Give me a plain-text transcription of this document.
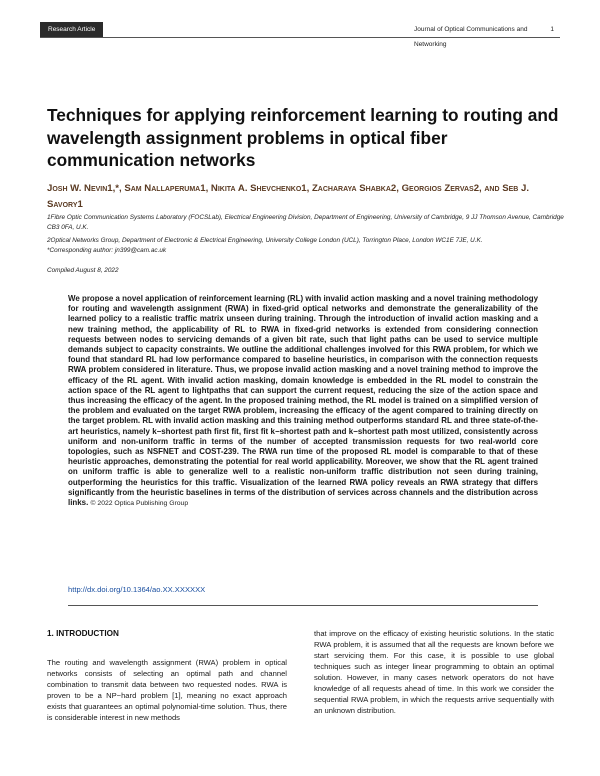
Research Article	Journal of Optical Communications and Networking
1
Techniques for applying reinforcement learning to routing and wavelength assignment problems in optical fiber communication networks
Josh W. Nevin1,*, Sam Nallaperuma1, Nikita A. Shevchenko1, Zacharaya Shabka2, Georgios Zervas2, and Seb J. Savory1
1Fibre Optic Communication Systems Laboratory (FOCSLab), Electrical Engineering Division, Department of Engineering, University of Cambridge, 9 JJ Thomson Avenue, Cambridge CB3 0FA, U.K.
2Optical Networks Group, Department of Electronic & Electrical Engineering, University College London (UCL), Torrington Place, London WC1E 7JE, U.K.
*Corresponding author: jn399@cam.ac.uk
Compiled August 8, 2022

We propose a novel application of reinforcement learning (RL) with invalid action masking and a novel training methodology for routing and wavelength assignment (RWA) in fixed-grid optical networks and demonstrate the generalizability of the learned policy to a realistic traffic matrix unseen during training. Through the introduction of invalid action masking and a new training method, the applicability of RL to RWA in fixed-grid networks is extended from considering connection requests between nodes to servicing demands of a given bit rate, such that light paths can be used to service multiple demands subject to capacity constraints. We outline the additional challenges involved for this RWA problem, for which we found that standard RL had low performance compared to baseline heuristics, in comparison with the connection requests RWA problem considered in literature. Thus, we propose invalid action masking and a novel training method to improve the efficacy of the RL agent. With invalid action masking, domain knowledge is embedded in the RL model to constrain the action space of the RL agent to lightpaths that can support the current request, reducing the size of the action space and thus increasing the efficacy of the agent. In the proposed training method, the RL model is trained on a simplified version of the problem and evaluated on the target RWA problem, increasing the efficacy of the agent compared to training directly on the target problem. RL with invalid action masking and this training method outperforms standard RL and three state-of-the-art heuristics, namely k−shortest path first fit, first fit k−shortest path and k−shortest path most utilized, consistently across uniform and non-uniform traffic in terms of the number of accepted transmission requests for two real-world core topologies, such as NSFNET and COST-239. The RWA run time of the proposed RL model is comparable to that of these heuristic approaches, demonstrating the potential for real world applicability. Moreover, we show that the RL agent trained on uniform traffic is able to generalize well to a realistic non-uniform traffic distribution not seen during training, outperforming the heuristics for this traffic. Visualization of the learned RWA policy reveals an RWA strategy that differs significantly from the heuristic baselines in terms of the distribution of services across channels and the distribution across links. © 2022 Optica Publishing Group

http://dx.doi.org/10.1364/ao.XX.XXXXXX
1. INTRODUCTION

The routing and wavelength assignment (RWA) problem in optical networks consists of selecting an optimal path and channel combination to transmit data between two requested nodes. RWA is proven to be a NP−hard problem [1], meaning no exact approach exists that guarantees an optimal polynomial-time solution. Thus, there is considerable interest in new methods

that improve on the efficacy of existing heuristic solutions. In the static RWA problem, it is assumed that all the requests are known before we start servicing them. For this case, it is possible to use global techniques such as integer linear programming to obtain an optimal solution. However, in many cases network operators do not have knowledge of all requests ahead of time. In this work we consider the sequential RWA problem, in which the requests arrive sequentially with an unknown distribution.
